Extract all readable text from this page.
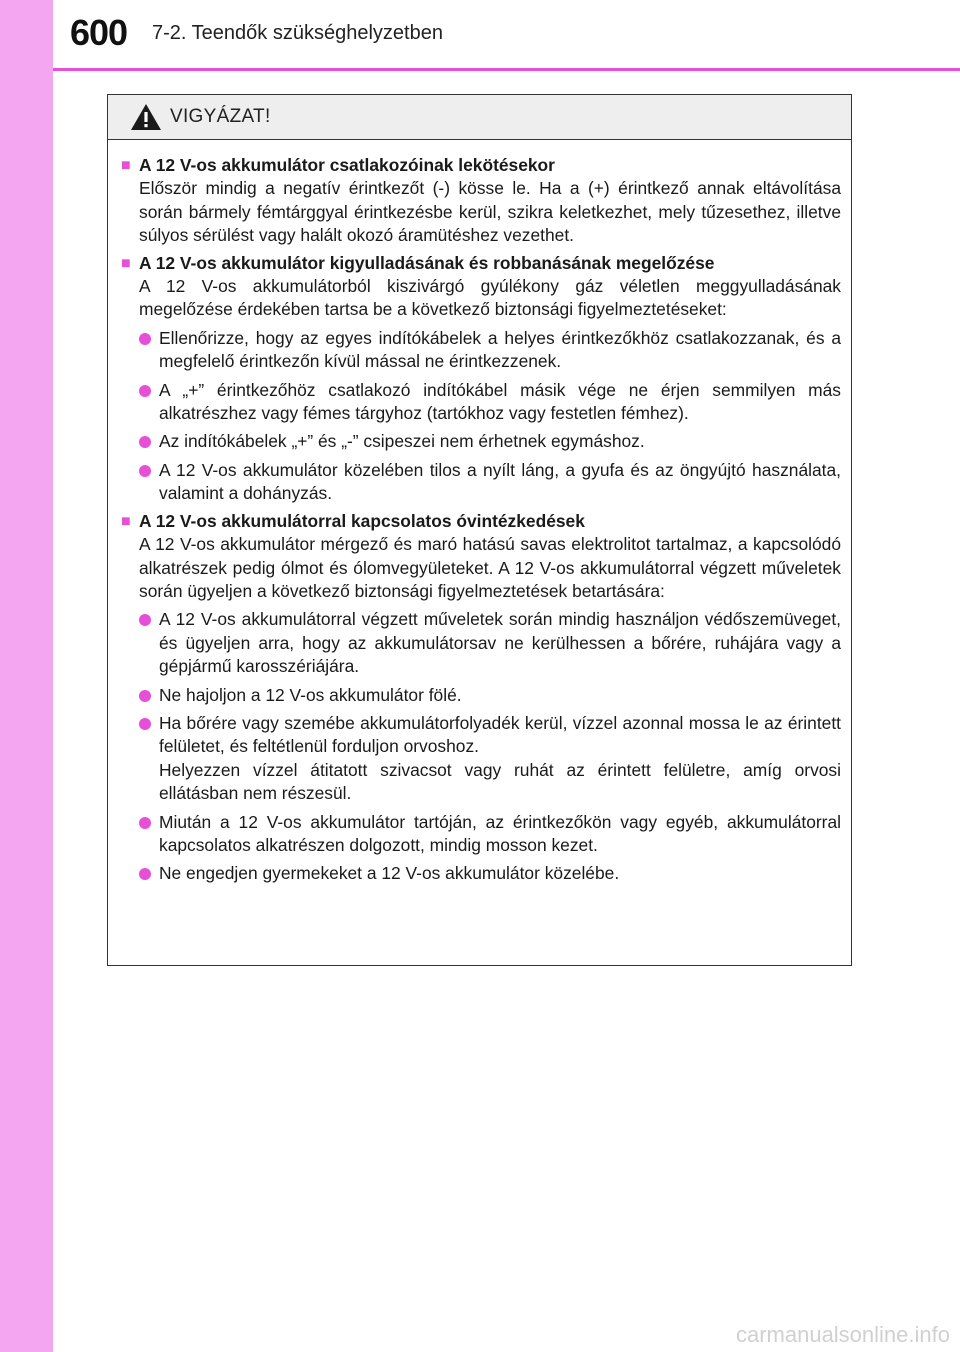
600 7-2. Teendők szükséghelyzetben
VIGYÁZAT!
■ A 12 V-os akkumulátor csatlakozóinak lekötésekor
Először mindig a negatív érintkezőt (-) kösse le. Ha a (+) érintkező annak eltávolítása során bármely fémtárggyal érintkezésbe kerül, szikra keletkezhet, mely tűzesethez, illetve súlyos sérülést vagy halált okozó áramütéshez vezethet.
■ A 12 V-os akkumulátor kigyulladásának és robbanásának megelőzése
A 12 V-os akkumulátorból kiszivárgó gyúlékony gáz véletlen meggyulladásának megelőzése érdekében tartsa be a következő biztonsági figyelmeztetéseket:
Ellenőrizze, hogy az egyes indítókábelek a helyes érintkezőkhöz csatlakozzanak, és a megfelelő érintkezőn kívül mással ne érintkezzenek.
A „+” érintkezőhöz csatlakozó indítókábel másik vége ne érjen semmilyen más alkatrészhez vagy fémes tárgyhoz (tartókhoz vagy festetlen fémhez).
Az indítókábelek „+” és „-” csipeszei nem érhetnek egymáshoz.
A 12 V-os akkumulátor közelében tilos a nyílt láng, a gyufa és az öngyújtó használata, valamint a dohányzás.
■ A 12 V-os akkumulátorral kapcsolatos óvintézkedések
A 12 V-os akkumulátor mérgező és maró hatású savas elektrolitot tartalmaz, a kapcsolódó alkatrészek pedig ólmot és ólomvegyületeket. A 12 V-os akkumulátorral végzett műveletek során ügyeljen a következő biztonsági figyelmeztetések betartására:
A 12 V-os akkumulátorral végzett műveletek során mindig használjon védőszemüveget, és ügyeljen arra, hogy az akkumulátorsav ne kerülhessen a bőrére, ruhájára vagy a gépjármű karosszériájára.
Ne hajoljon a 12 V-os akkumulátor fölé.
Ha bőrére vagy szemébe akkumulátorfolyadék kerül, vízzel azonnal mossa le az érintett felületet, és feltétlenül forduljon orvoshoz.
Helyezzen vízzel átitatott szivacsot vagy ruhát az érintett felületre, amíg orvosi ellátásban nem részesül.
Miután a 12 V-os akkumulátor tartóján, az érintkezőkön vagy egyéb, akkumulátorral kapcsolatos alkatrészen dolgozott, mindig mosson kezet.
Ne engedjen gyermekeket a 12 V-os akkumulátor közelébe.
carmanualsonline.info
